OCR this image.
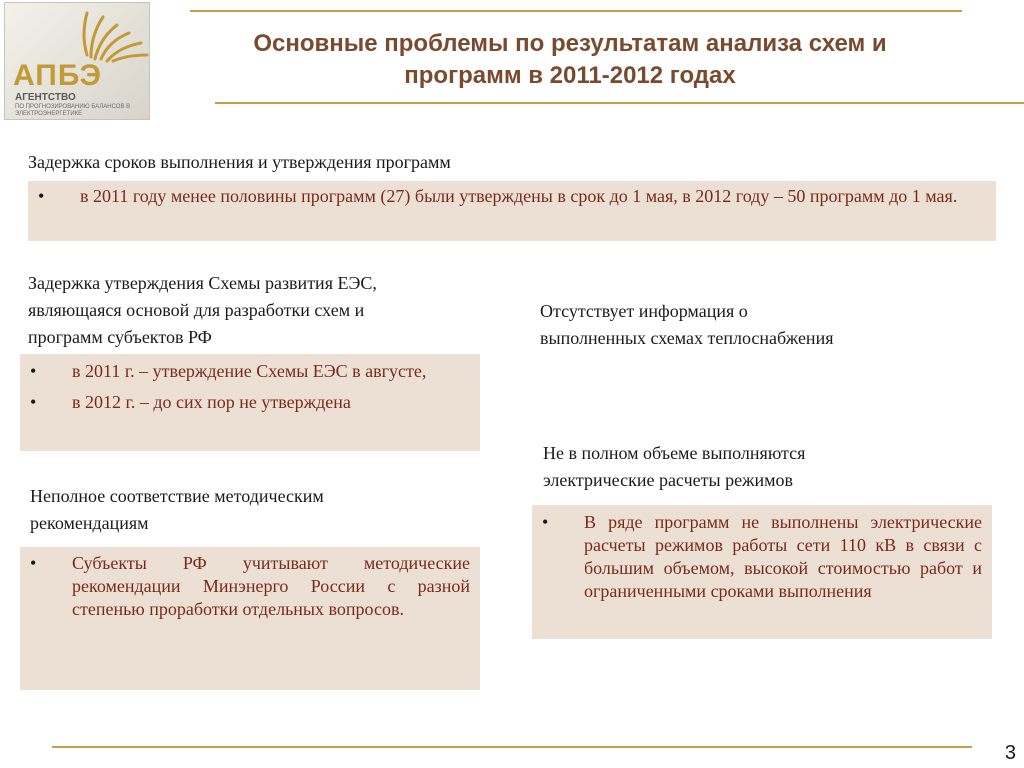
АПБЭ
АГЕНТСТВО
ПО ПРОГНОЗИРОВАНИЮ БАЛАНСОВ В ЭЛЕКТРОЭНЕРГЕТИКЕ
Основные проблемы по результатам анализа схем и
программ в 2011-2012 годах
Задержка сроков выполнения и утверждения программ
•	в 2011 году менее половины программ (27) были утверждены в срок до 1 мая, в 2012 году – 50 программ до 1 мая.
Задержка утверждения Схемы развития ЕЭС,
являющаяся основой для разработки схем и
программ субъектов РФ
•	в 2011 г. – утверждение Схемы ЕЭС в августе,
•	в 2012 г. – до сих пор не утверждена
Отсутствует информация о
выполненных схемах теплоснабжения
Не в полном объеме выполняются
электрические расчеты режимов
•	В ряде программ не выполнены электрические расчеты режимов работы сети 110 кВ в связи с большим объемом, высокой стоимостью работ и ограниченными сроками выполнения
Неполное соответствие методическим
рекомендациям
•	Субъекты РФ учитывают методические рекомендации Минэнерго России с разной степенью проработки отдельных вопросов.
3
